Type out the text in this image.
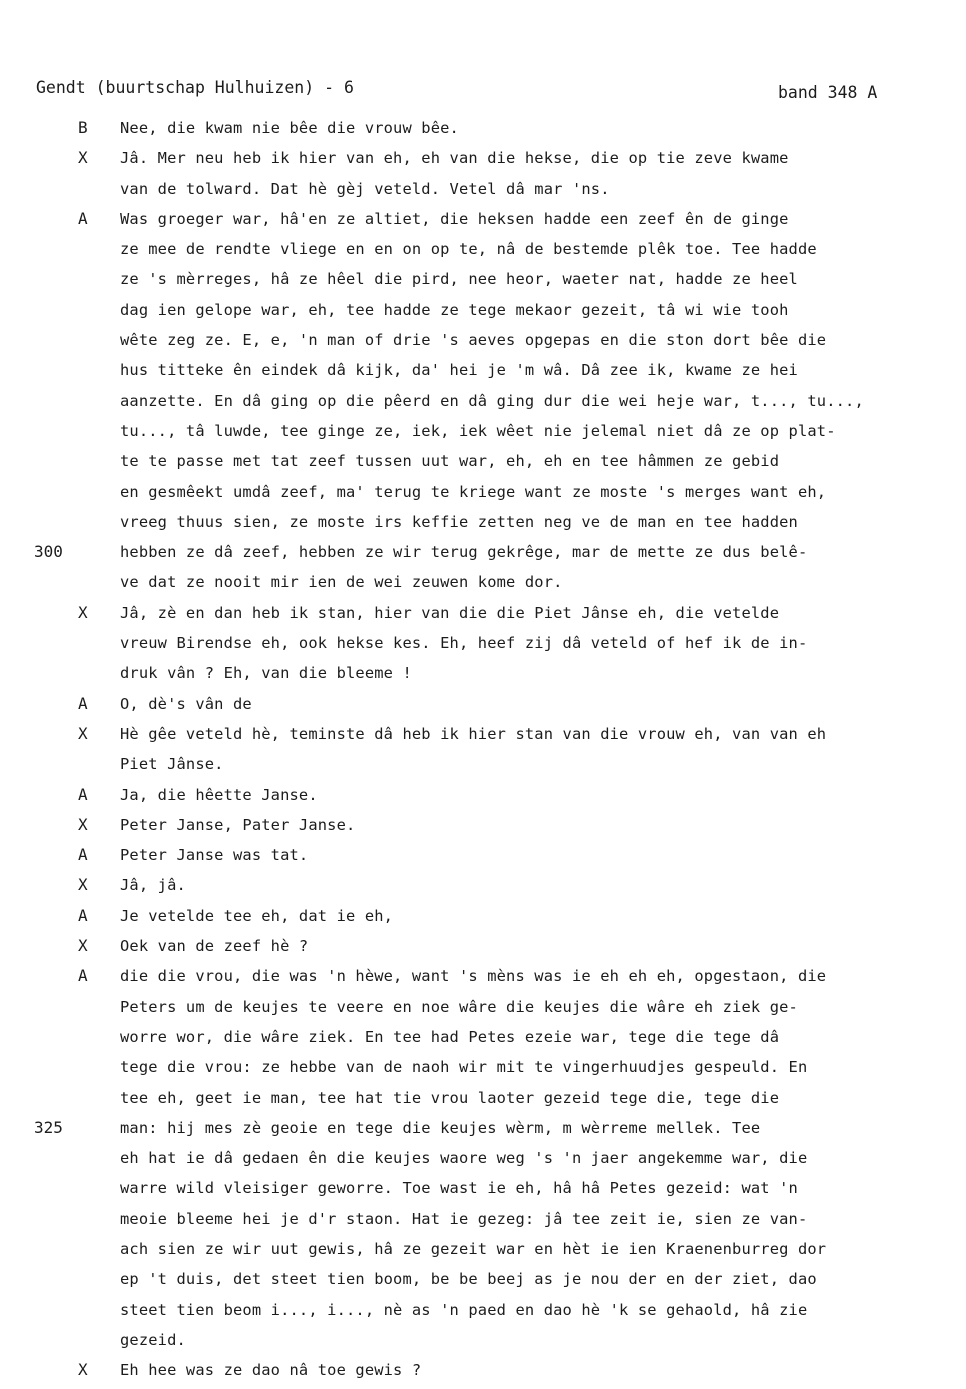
Gendt (buurtschap Hulhuizen) - 6	band 348 A
B	Nee, die kwam nie bêe die vrouw bêe.
X	Jâ. Mer neu heb ik hier van eh, eh van die hekse, die op tie zeve kwame
van de tolward. Dat hè gèj veteld. Vetel dâ mar 'ns.
A	Was groeger war, hâ'en ze altiet, die heksen hadde een zeef ên de ginge
ze mee de rendte vliege en en on op te, nâ de bestemde plêk toe. Tee hadde
ze 's mèrreges, hâ ze hêel die pird, nee heor, waeter nat, hadde ze heel
dag ien gelope war, eh, tee hadde ze tege mekaor gezeit, tâ wi wie tooh
wête zeg ze. E, e, 'n man of drie 's aeves opgepas en die ston dort bêe die
hus titteke ên eindek dâ kijk, da' hei je 'm wâ. Dâ zee ik, kwame ze hei
aanzette. En dâ ging op die pêerd en dâ ging dur die wei heje war, t..., tu...,
tu..., tâ luwde, tee ginge ze, iek, iek wêet nie jelemal niet dâ ze op plat-
te te passe met tat zeef tussen uut war, eh, eh en tee hâmmen ze gebid
en gesmêekt umdâ zeef, ma' terug te kriege want ze moste 's merges want eh,
vreeg thuus sien, ze moste irs keffie zetten neg ve de man en tee hadden
300	hebben ze dâ zeef, hebben ze wir terug gekrêge, mar de mette ze dus belê-
ve dat ze nooit mir ien de wei zeuwen kome dor.
X	Jâ, zè en dan heb ik stan, hier van die die Piet Jânse eh, die vetelde
vreuw Birendse eh, ook hekse kes. Eh, heef zij dâ veteld of hef ik de in-
druk vân ? Eh, van die bleeme !
A	O, dè's vân de
X	Hè gêe veteld hè, teminste dâ heb ik hier stan van die vrouw eh, van van eh
Piet Jânse.
A	Ja, die hêette Janse.
X	Peter Janse, Pater Janse.
A	Peter Janse was tat.
X	Jâ, jâ.
A	Je vetelde tee eh, dat ie eh,
X	Oek van de zeef hè ?
A	die die vrou, die was 'n hèwe, want 's mèns was ie eh eh eh, opgestaon, die
Peters um de keujes te veere en noe wâre die keujes die wâre eh ziek ge-
worre wor, die wâre ziek. En tee had Petes ezeie war, tege die tege dâ
tege die vrou: ze hebbe van de naoh wir mit te vingerhuudjes gespeuld. En
tee eh, geet ie man, tee hat tie vrou laoter gezeid tege die, tege die
325	man: hij mes zè geoie en tege die keujes wèrm, m wèrreme mellek. Tee
eh hat ie dâ gedaen ên die keujes waore weg 's 'n jaer angekemme war, die
warre wild vleisiger geworre. Toe wast ie eh, hâ hâ Petes gezeid: wat 'n
meoie bleeme hei je d'r staon. Hat ie gezeg: jâ tee zeit ie, sien ze van-
ach sien ze wir uut gewis, hâ ze gezeit war en hèt ie ien Kraenenburreg dor
ep 't duis, det steet tien boom, be be beej as je nou der en der ziet, dao
steet tien beom i..., i..., nè as 'n paed en dao hè 'k se gehaold, hâ zie
gezeid.
X	Eh hee was ze dao nâ toe gewis ?
